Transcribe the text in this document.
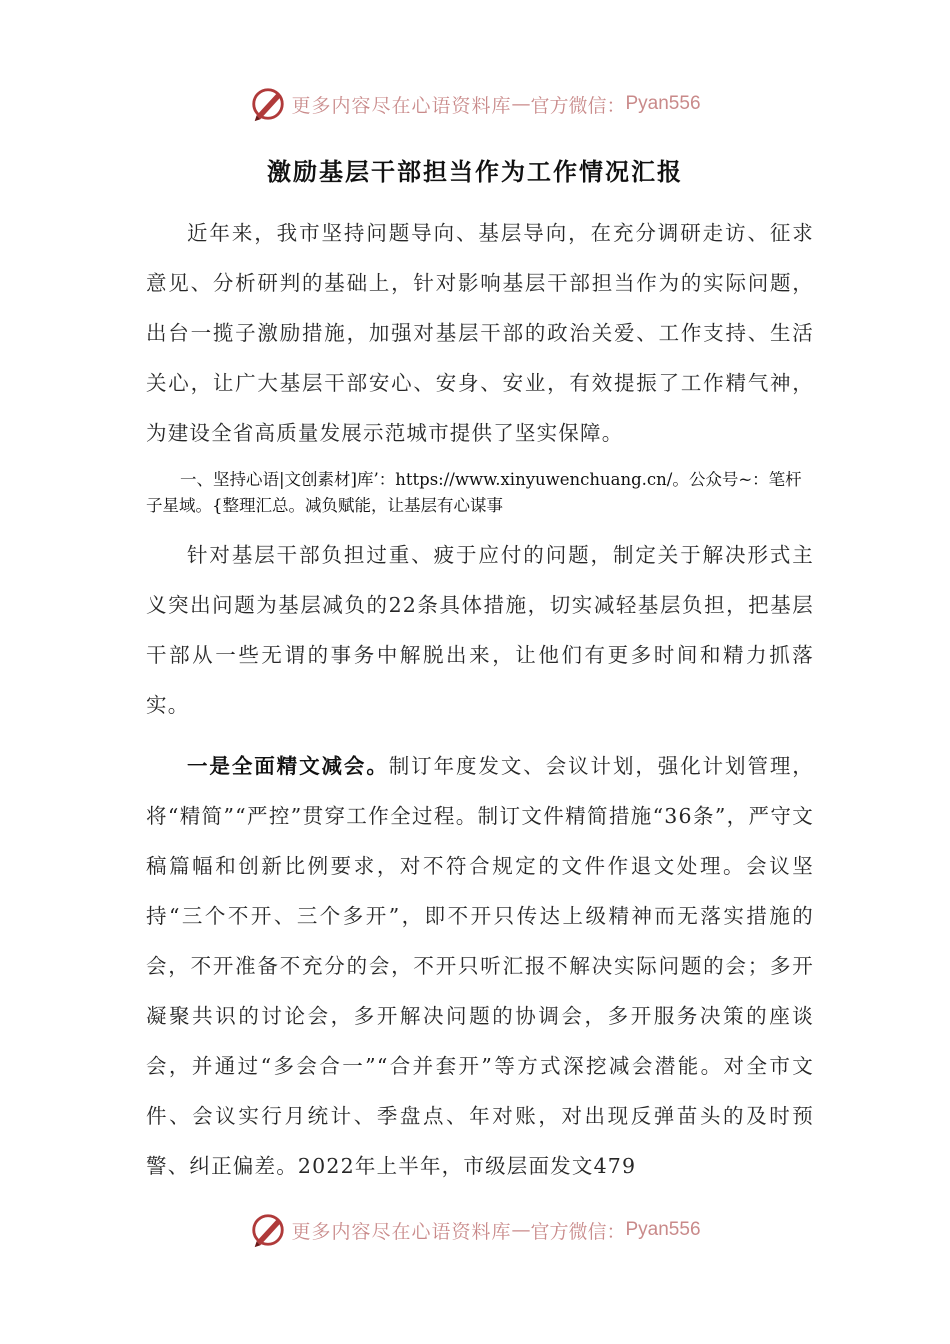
更多内容尽在心语资料库 — 官方微信： Pyan556
激励基层干部担当作为工作情况汇报

近年来，我市坚持问题导向、基层导向，在充分调研走访、征求意见、分析研判的基础上，针对影响基层干部担当作为的实际问题，出台一揽子激励措施，加强对基层干部的政治关爱、工作支持、生活关心，让广大基层干部安心、安身、安业，有效提振了工作精气神，为建设全省高质量发展示范城市提供了坚实保障。

一、坚持心语|文创素材]库’：https://www.xinyuwenchuang.cn/。公众号~：笔杆子星域。{整理汇总。减负赋能，让基层有心谋事

针对基层干部负担过重、疲于应付的问题，制定关于解决形式主义突出问题为基层减负的22条具体措施，切实减轻基层负担，把基层干部从一些无谓的事务中解脱出来，让他们有更多时间和精力抓落实。

一是全面精文减会。制订年度发文、会议计划，强化计划管理，将“精简”“严控”贯穿工作全过程。制订文件精简措施“36条”，严守文稿篇幅和创新比例要求，对不符合规定的文件作退文处理。会议坚持“三个不开、三个多开”，即不开只传达上级精神而无落实措施的会，不开准备不充分的会，不开只听汇报不解决实际问题的会；多开凝聚共识的讨论会，多开解决问题的协调会，多开服务决策的座谈会，并通过“多会合一”“合并套开”等方式深挖减会潜能。对全市文件、会议实行月统计、季盘点、年对账，对出现反弹苗头的及时预警、纠正偏差。2022年上半年，市级层面发文479

更多内容尽在心语资料库 — 官方微信： Pyan556
